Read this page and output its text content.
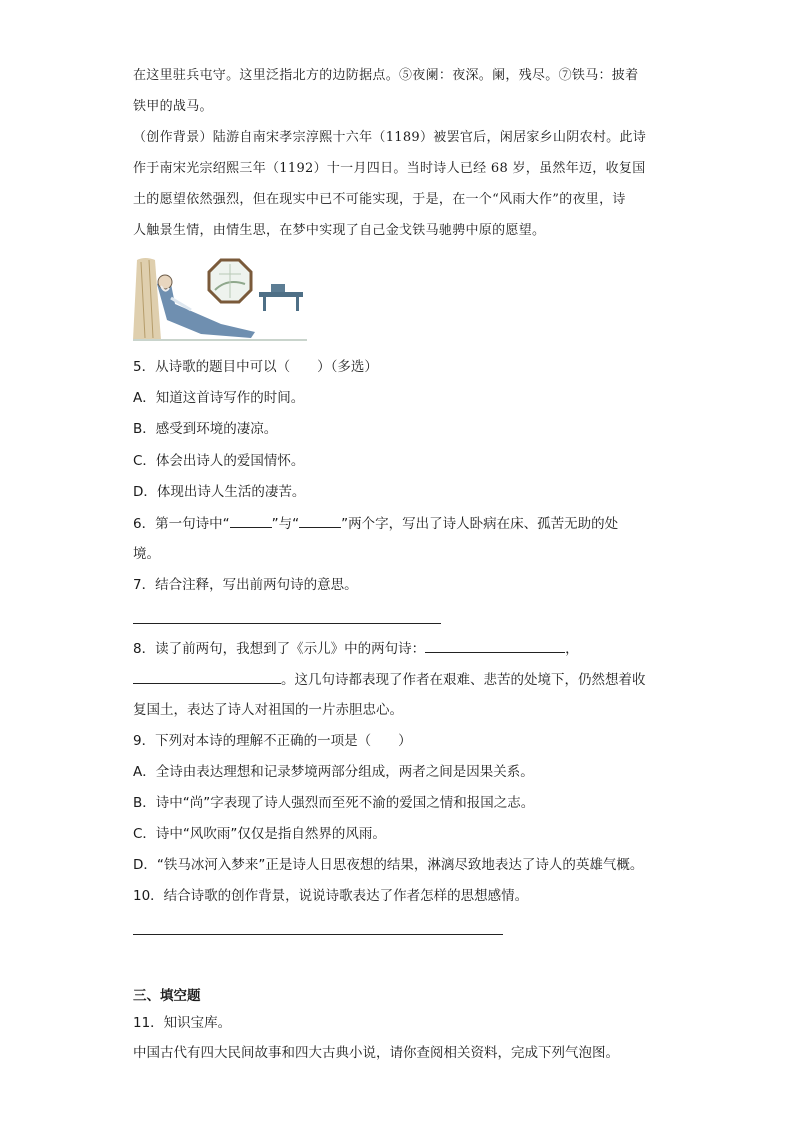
在这里驻兵屯守。这里泛指北方的边防据点。⑤夜阑：夜深。阑，残尽。⑦铁马：披着
铁甲的战马。
（创作背景）陆游自南宋孝宗淳熙十六年（1189）被罢官后，闲居家乡山阴农村。此诗
作于南宋光宗绍熙三年（1192）十一月四日。当时诗人已经 68 岁，虽然年迈，收复国
土的愿望依然强烈，但在现实中已不可能实现，于是，在一个“风雨大作”的夜里，诗
人触景生情，由情生思，在梦中实现了自己金戈铁马驰骋中原的愿望。
5．从诗歌的题目中可以（　　）（多选）
A．知道这首诗写作的时间。
B．感受到环境的凄凉。
C．体会出诗人的爱国情怀。
D．体现出诗人生活的凄苦。
6．第一句诗中“	”与“	”两个字，写出了诗人卧病在床、孤苦无助的处
境。
7．结合注释，写出前两句诗的意思。
8．读了前两句，我想到了《示儿》中的两句诗：	，
。这几句诗都表现了作者在艰难、悲苦的处境下，仍然想着收
复国土，表达了诗人对祖国的一片赤胆忠心。
9．下列对本诗的理解不正确的一项是（　　）
A．全诗由表达理想和记录梦境两部分组成，两者之间是因果关系。
B．诗中“尚”字表现了诗人强烈而至死不渝的爱国之情和报国之志。
C．诗中“风吹雨”仅仅是指自然界的风雨。
D．“铁马冰河入梦来”正是诗人日思夜想的结果，淋漓尽致地表达了诗人的英雄气概。
10．结合诗歌的创作背景，说说诗歌表达了作者怎样的思想感情。
三、填空题
11．知识宝库。
中国古代有四大民间故事和四大古典小说，请你查阅相关资料，完成下列气泡图。
